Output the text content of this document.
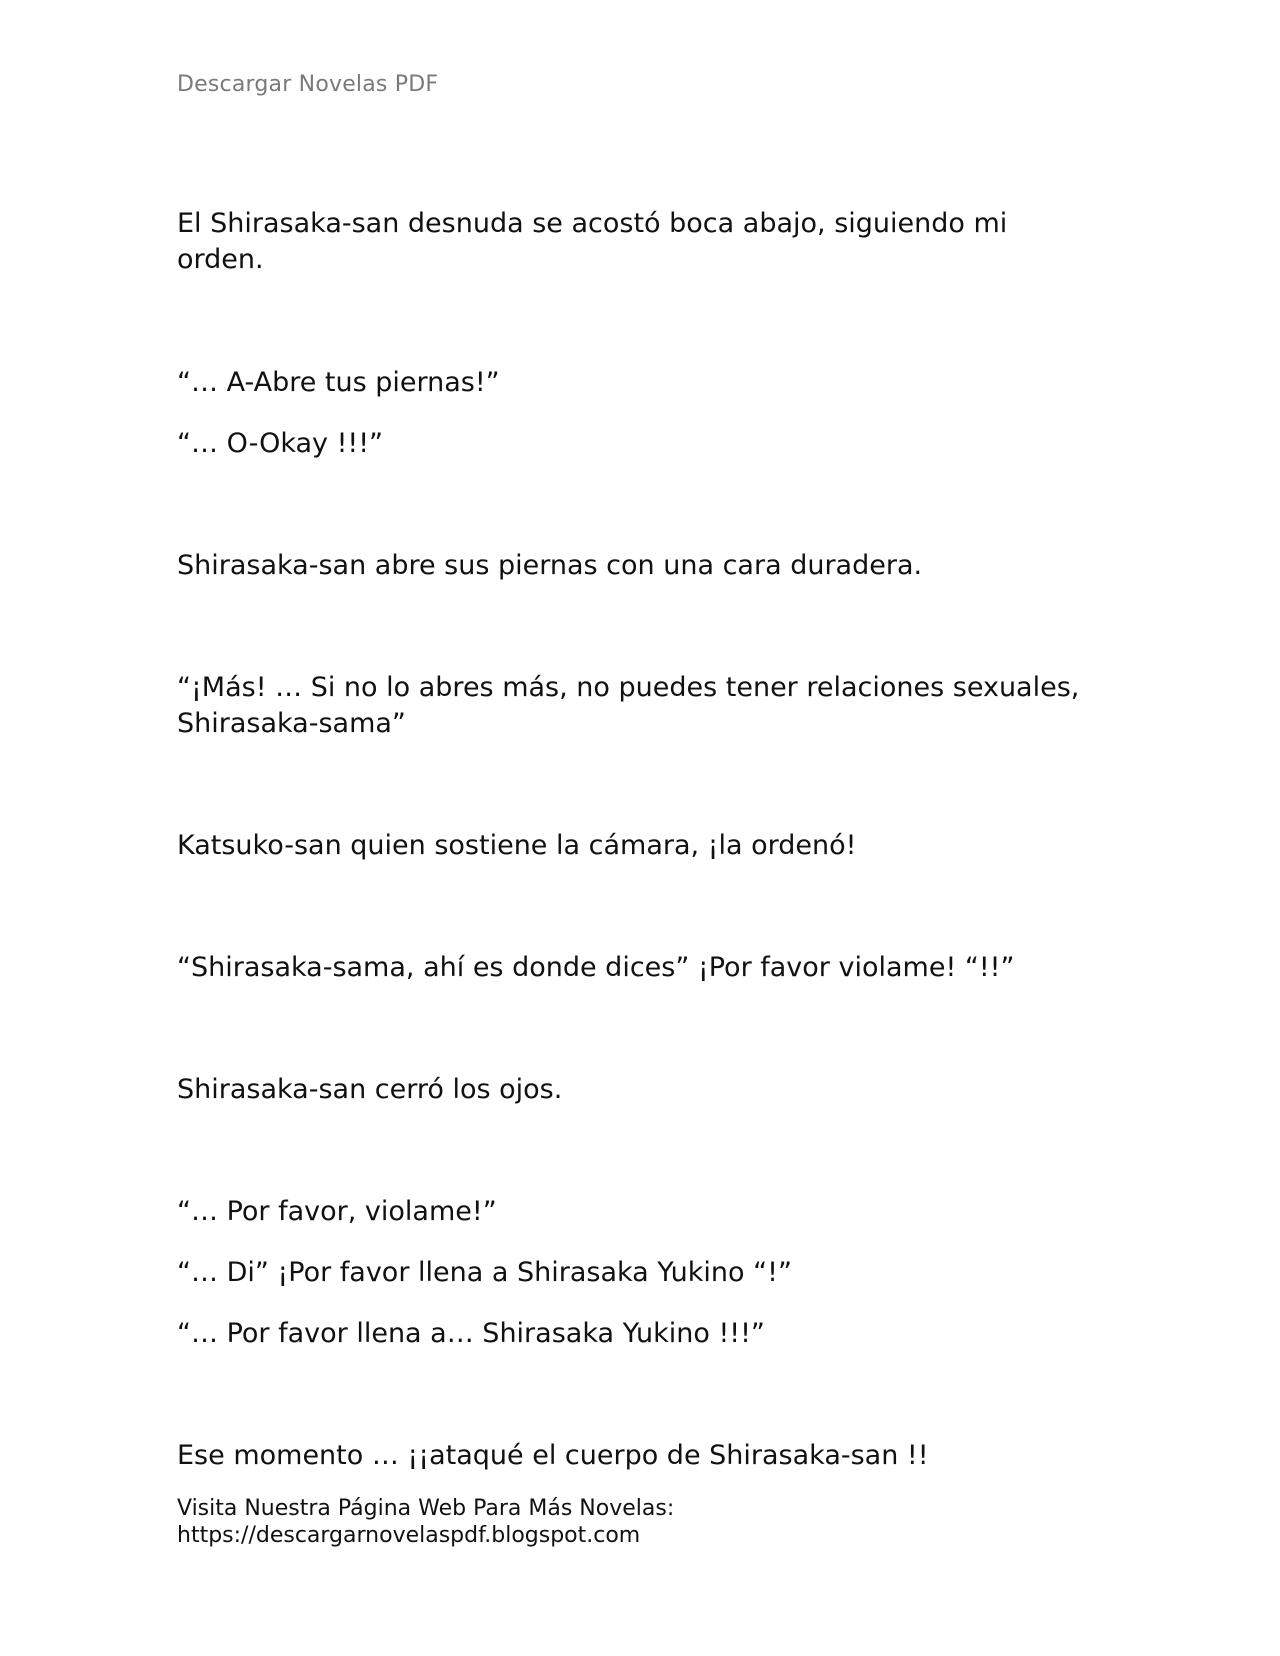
Descargar Novelas PDF

El Shirasaka-san desnuda se acostó boca abajo, siguiendo mi orden.

“… A-Abre tus piernas!”

“… O-Okay !!!”

Shirasaka-san abre sus piernas con una cara duradera.

“¡Más! … Si no lo abres más, no puedes tener relaciones sexuales, Shirasaka-sama”

Katsuko-san quien sostiene la cámara, ¡la ordenó!

“Shirasaka-sama, ahí es donde dices” ¡Por favor violame! “!!”

Shirasaka-san cerró los ojos.

“… Por favor, violame!”

“… Di” ¡Por favor llena a Shirasaka Yukino “!”

“… Por favor llena a… Shirasaka Yukino !!!”

Ese momento … ¡¡ataqué el cuerpo de Shirasaka-san !!

Visita Nuestra Página Web Para Más Novelas:
https://descargarnovelaspdf.blogspot.com
